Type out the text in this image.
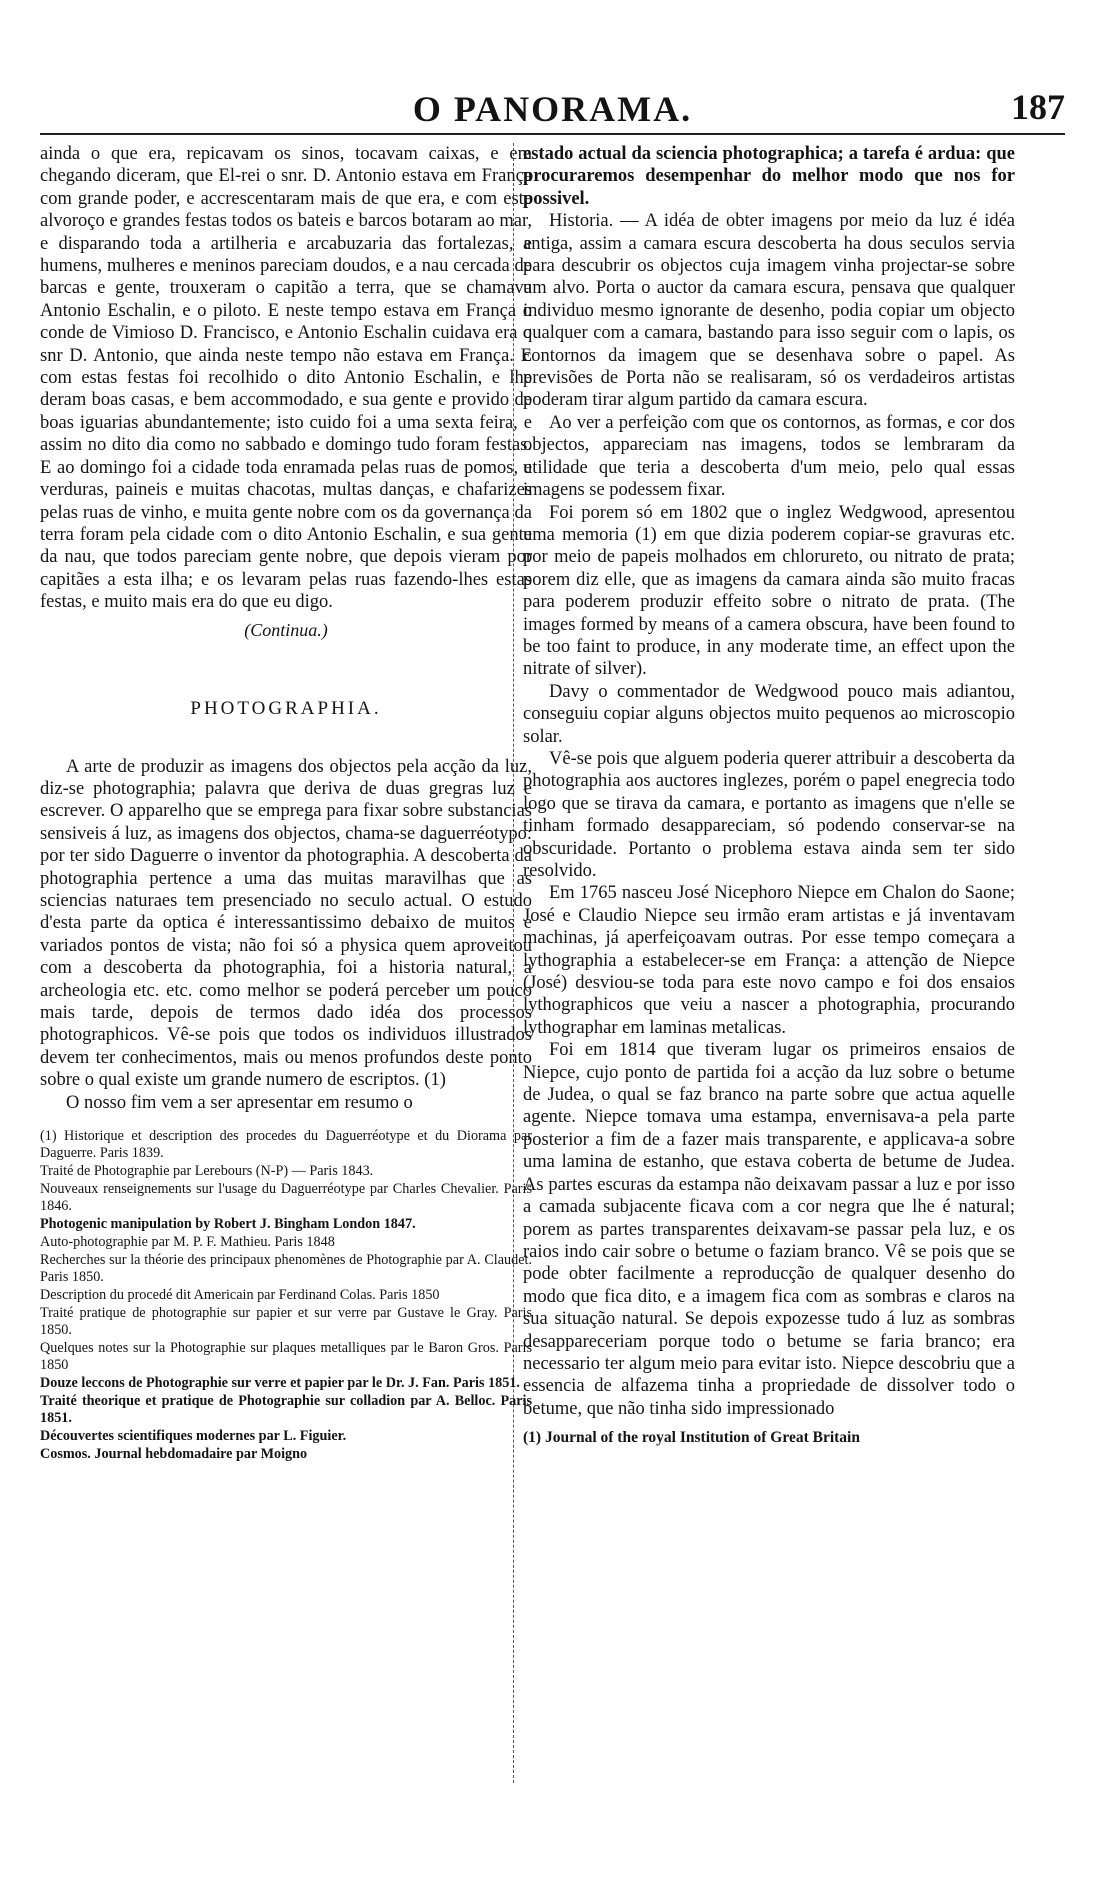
O PANORAMA.	187

ainda o que era, repicavam os sinos, tocavam caixas, e em chegando diceram, que El-rei o snr. D. Antonio estava em França com grande poder, e accrescentaram mais de que era, e com este alvoroço e grandes festas todos os bateis e barcos botaram ao mar, e disparando toda a artilheria e arcabuzaria das fortalezas, e humens, mulheres e meninos pareciam doudos, e a nau cercada de barcas e gente, trouxeram o capitão a terra, que se chamava Antonio Eschalin, e o piloto. E neste tempo estava em França o conde de Vimioso D. Francisco, e Antonio Eschalin cuidava era o snr D. Antonio, que ainda neste tempo não estava em França. E com estas festas foi recolhido o dito Antonio Eschalin, e lhe deram boas casas, e bem accommodado, e sua gente e provido de boas iguarias abundantemente; isto cuido foi a uma sexta feira, e assim no dito dia como no sabbado e domingo tudo foram festas. E ao domingo foi a cidade toda enramada pelas ruas de pomos, e verduras, paineis e muitas chacotas, multas danças, e chafarizes pelas ruas de vinho, e muita gente nobre com os da governança da terra foram pela cidade com o dito Antonio Eschalin, e sua gente da nau, que todos pareciam gente nobre, que depois vieram por capitães a esta ilha; e os levaram pelas ruas fazendo-lhes estas festas, e muito mais era do que eu digo.

(Continua.)

PHOTOGRAPHIA.

A arte de produzir as imagens dos objectos pela acção da luz, diz-se photographia; palavra que deriva de duas gregras luz e escrever. O apparelho que se emprega para fixar sobre substancias sensiveis á luz, as imagens dos objectos, chama-se daguerréotypo: por ter sido Daguerre o inventor da photographia. A descoberta da photographia pertence a uma das muitas maravilhas que as sciencias naturaes tem presenciado no seculo actual. O estudo d'esta parte da optica é interessantissimo debaixo de muitos e variados pontos de vista; não foi só a physica quem aproveitou com a descoberta da photographia, foi a historia natural, a archeologia etc. etc. como melhor se poderá perceber um pouco mais tarde, depois de termos dado idéa dos processos photographicos. Vê-se pois que todos os individuos illustrados devem ter conhecimentos, mais ou menos profundos deste ponto sobre o qual existe um grande numero de escriptos. (1)

O nosso fim vem a ser apresentar em resumo o

(1) Historique et description des procedes du Daguerréotype et du Diorama par Daguerre. Paris 1839.

Traité de Photographie par Lerebours (N-P) — Paris 1843.

Nouveaux renseignements sur l'usage du Daguerréotype par Charles Chevalier. Paris 1846.

Photogenic manipulation by Robert J. Bingham London 1847.

Auto-photographie par M. P. F. Mathieu. Paris 1848

Recherches sur la théorie des principaux phenomènes de Photographie par A. Claudet. Paris 1850.

Description du procedé dit Americain par Ferdinand Colas. Paris 1850

Traité pratique de photographie sur papier et sur verre par Gustave le Gray. Paris 1850.

Quelques notes sur la Photographie sur plaques metalliques par le Baron Gros. Paris 1850

Douze leccons de Photographie sur verre et papier par le Dr. J. Fan. Paris 1851.

Traité theorique et pratique de Photographie sur colladion par A. Belloc. Paris 1851.

Découvertes scientifiques modernes par L. Figuier.

Cosmos. Journal hebdomadaire par Moigno

estado actual da sciencia photographica; a tarefa é ardua: que procuraremos desempenhar do melhor modo que nos for possivel.

Historia. — A idéa de obter imagens por meio da luz é idéa antiga, assim a camara escura descoberta ha dous seculos servia para descubrir os objectos cuja imagem vinha projectar-se sobre um alvo. Porta o auctor da camara escura, pensava que qualquer individuo mesmo ignorante de desenho, podia copiar um objecto qualquer com a camara, bastando para isso seguir com o lapis, os contornos da imagem que se desenhava sobre o papel. As previsões de Porta não se realisaram, só os verdadeiros artistas poderam tirar algum partido da camara escura.

Ao ver a perfeição com que os contornos, as formas, e cor dos objectos, appareciam nas imagens, todos se lembraram da utilidade que teria a descoberta d'um meio, pelo qual essas imagens se podessem fixar.

Foi porem só em 1802 que o inglez Wedgwood, apresentou uma memoria (1) em que dizia poderem copiar-se gravuras etc. por meio de papeis molhados em chlorureto, ou nitrato de prata; porem diz elle, que as imagens da camara ainda são muito fracas para poderem produzir effeito sobre o nitrato de prata. (The images formed by means of a camera obscura, have been found to be too faint to produce, in any moderate time, an effect upon the nitrate of silver).

Davy o commentador de Wedgwood pouco mais adiantou, conseguiu copiar alguns objectos muito pequenos ao microscopio solar.

Vê-se pois que alguem poderia querer attribuir a descoberta da photographia aos auctores inglezes, porém o papel enegrecia todo logo que se tirava da camara, e portanto as imagens que n'elle se tinham formado desappareciam, só podendo conservar-se na obscuridade. Portanto o problema estava ainda sem ter sido resolvido.

Em 1765 nasceu José Nicephoro Niepce em Chalon do Saone; José e Claudio Niepce seu irmão eram artistas e já inventavam machinas, já aperfeiçoavam outras. Por esse tempo começara a lythographia a estabelecer-se em França: a attenção de Niepce (José) desviou-se toda para este novo campo e foi dos ensaios lythographicos que veiu a nascer a photographia, procurando lythographar em laminas metalicas.

Foi em 1814 que tiveram lugar os primeiros ensaios de Niepce, cujo ponto de partida foi a acção da luz sobre o betume de Judea, o qual se faz branco na parte sobre que actua aquelle agente. Niepce tomava uma estampa, envernisava-a pela parte posterior a fim de a fazer mais transparente, e applicava-a sobre uma lamina de estanho, que estava coberta de betume de Judea. As partes escuras da estampa não deixavam passar a luz e por isso a camada subjacente ficava com a cor negra que lhe é natural; porem as partes transparentes deixavam-se passar pela luz, e os raios indo cair sobre o betume o faziam branco. Vê se pois que se pode obter facilmente a reproducção de qualquer desenho do modo que fica dito, e a imagem fica com as sombras e claros na sua situação natural. Se depois expozesse tudo á luz as sombras desappareceriam porque todo o betume se faria branco; era necessario ter algum meio para evitar isto. Niepce descobriu que a essencia de alfazema tinha a propriedade de dissolver todo o betume, que não tinha sido impressionado

(1) Journal of the royal Institution of Great Britain
